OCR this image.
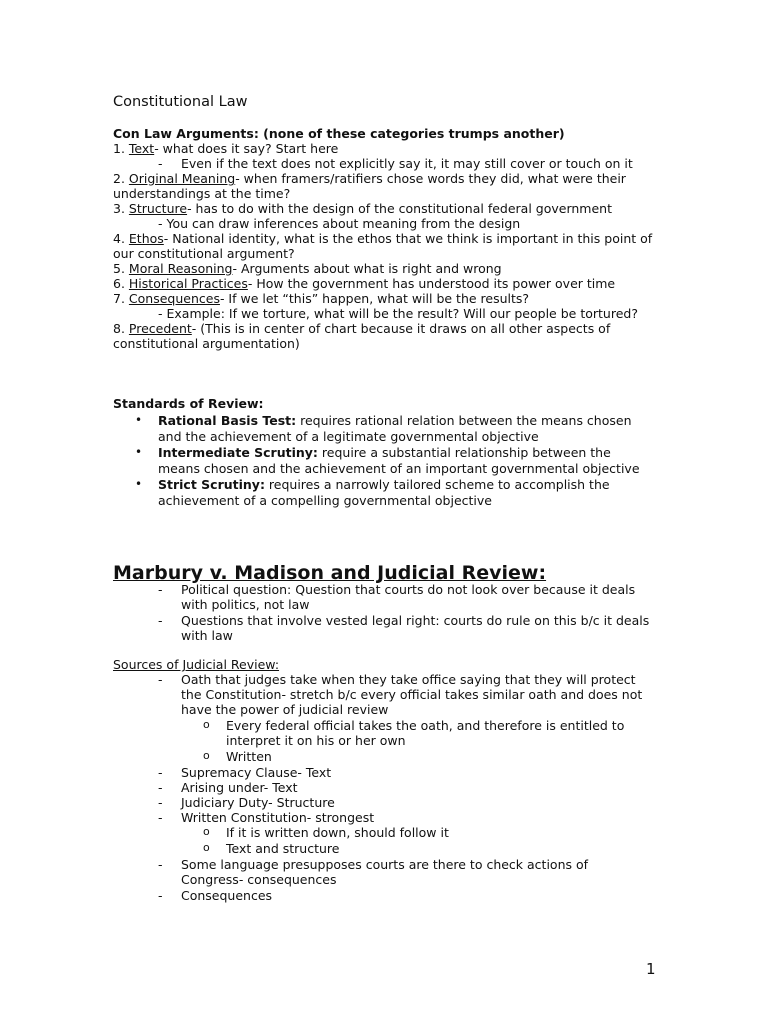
Constitutional Law
Con Law Arguments: (none of these categories trumps another)
1. Text- what does it say? Start here
- Even if the text does not explicitly say it, it may still cover or touch on it
2. Original Meaning- when framers/ratifiers chose words they did, what were their
understandings at the time?
3. Structure- has to do with the design of the constitutional federal government
- You can draw inferences about meaning from the design
4. Ethos- National identity, what is the ethos that we think is important in this point of
our constitutional argument?
5. Moral Reasoning- Arguments about what is right and wrong
6. Historical Practices- How the government has understood its power over time
7. Consequences- If we let “this” happen, what will be the results?
- Example: If we torture, what will be the result? Will our people be tortured?
8. Precedent- (This is in center of chart because it draws on all other aspects of
constitutional argumentation)
Standards of Review:
• Rational Basis Test: requires rational relation between the means chosen
and the achievement of a legitimate governmental objective
• Intermediate Scrutiny: require a substantial relationship between the
means chosen and the achievement of an important governmental objective
• Strict Scrutiny: requires a narrowly tailored scheme to accomplish the
achievement of a compelling governmental objective
Marbury v. Madison and Judicial Review:
- Political question: Question that courts do not look over because it deals
with politics, not law
- Questions that involve vested legal right: courts do rule on this b/c it deals
with law
Sources of Judicial Review:
- Oath that judges take when they take office saying that they will protect
the Constitution- stretch b/c every official takes similar oath and does not
have the power of judicial review
o Every federal official takes the oath, and therefore is entitled to
interpret it on his or her own
o Written
- Supremacy Clause- Text
- Arising under- Text
- Judiciary Duty- Structure
- Written Constitution- strongest
o If it is written down, should follow it
o Text and structure
- Some language presupposes courts are there to check actions of
Congress- consequences
- Consequences
1
